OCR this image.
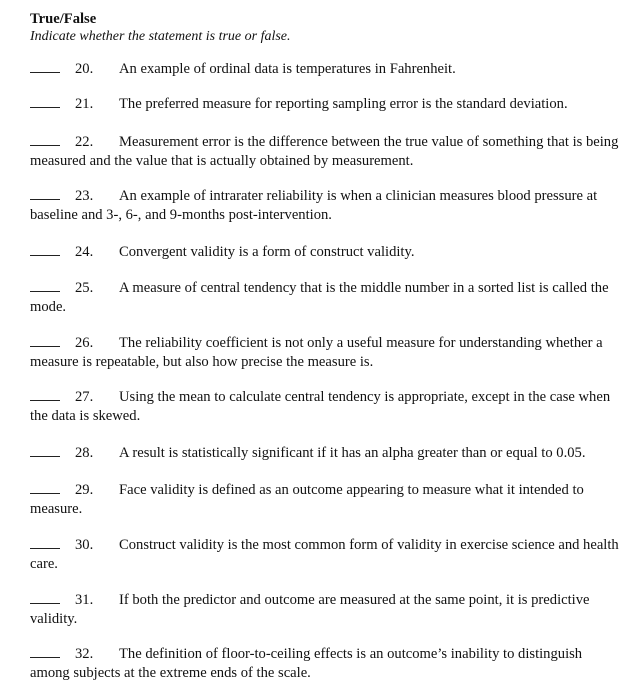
True/False
Indicate whether the statement is true or false.
20. An example of ordinal data is temperatures in Fahrenheit.
21. The preferred measure for reporting sampling error is the standard deviation.
22. Measurement error is the difference between the true value of something that is being
measured and the value that is actually obtained by measurement.
23. An example of intrarater reliability is when a clinician measures blood pressure at
baseline and 3-, 6-, and 9-months post-intervention.
24. Convergent validity is a form of construct validity.
25. A measure of central tendency that is the middle number in a sorted list is called the
mode.
26. The reliability coefficient is not only a useful measure for understanding whether a
measure is repeatable, but also how precise the measure is.
27. Using the mean to calculate central tendency is appropriate, except in the case when
the data is skewed.
28. A result is statistically significant if it has an alpha greater than or equal to 0.05.
29. Face validity is defined as an outcome appearing to measure what it intended to
measure.
30. Construct validity is the most common form of validity in exercise science and health
care.
31. If both the predictor and outcome are measured at the same point, it is predictive
validity.
32. The definition of floor-to-ceiling effects is an outcome’s inability to distinguish
among subjects at the extreme ends of the scale.
